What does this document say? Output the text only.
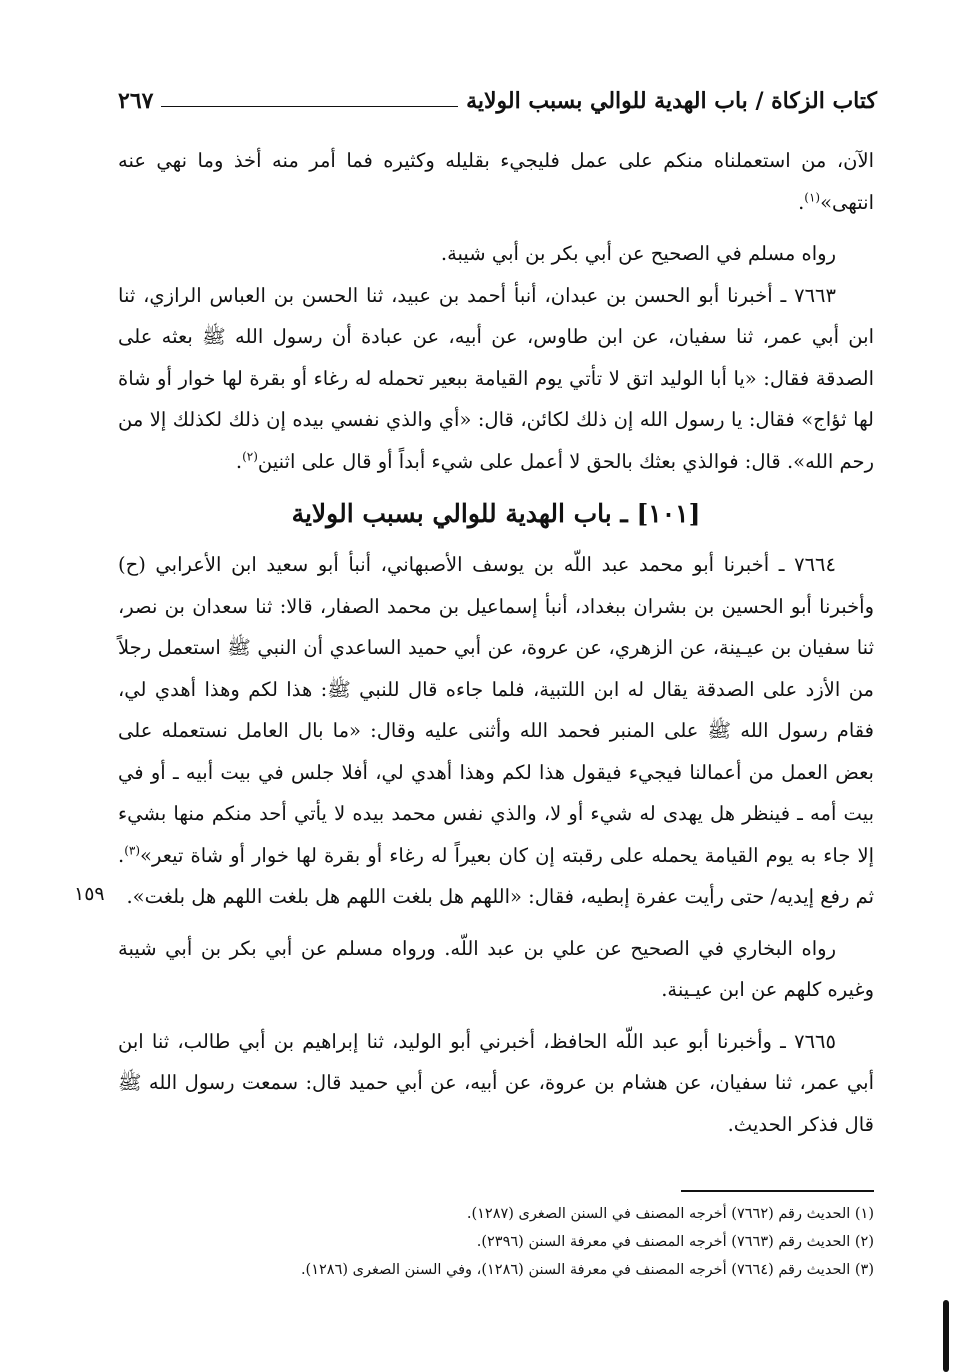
كتاب الزكاة / باب الهدية للوالي بسبب الولاية
٢٦٧

الآن، من استعملناه منكم على عمل فليجيء بقليله وكثيره فما أمر منه أخذ وما نهي عنه انتهى»$^{(١)}$.

رواه مسلم في الصحيح عن أبي بكر بن أبي شيبة.

٧٦٦٣ ـ أخبرنا أبو الحسن بن عبدان، أنبأ أحمد بن عبيد، ثنا الحسن بن العباس الرازي، ثنا ابن أبي عمر، ثنا سفيان، عن ابن طاوس، عن أبيه، عن عبادة أن رسول الله ﷺ بعثه على الصدقة فقال: «يا أبا الوليد اتق لا تأتي يوم القيامة ببعير تحمله له رغاء أو بقرة لها خوار أو شاة لها ثؤاج» فقال: يا رسول الله إن ذلك لكائن، قال: «أي والذي نفسي بيده إن ذلك لكذلك إلا من رحم الله». قال: فوالذي بعثك بالحق لا أعمل على شيء أبداً أو قال على اثنين$^{(٢)}$.

[١٠١] ـ باب الهدية للوالي بسبب الولاية

٧٦٦٤ ـ أخبرنا أبو محمد عبد اللّه بن يوسف الأصبهاني، أنبأ أبو سعيد ابن الأعرابي (ح) وأخبرنا أبو الحسين بن بشران ببغداد، أنبأ إسماعيل بن محمد الصفار، قالا: ثنا سعدان بن نصر، ثنا سفيان بن عيـينة، عن الزهري، عن عروة، عن أبي حميد الساعدي أن النبي ﷺ استعمل رجلاً من الأزد على الصدقة يقال له ابن اللتبية، فلما جاءه قال للنبي ﷺ: هذا لكم وهذا أهدي لي، فقام رسول الله ﷺ على المنبر فحمد الله وأثنى عليه وقال: «ما بال العامل نستعمله على بعض العمل من أعمالنا فيجيء فيقول هذا لكم وهذا أهدي لي، أفلا جلس في بيت أبيه ـ أو في بيت أمه ـ فينظر هل يهدى له شيء أو لا، والذي نفس محمد بيده لا يأتي أحد منكم منها بشيء إلا جاء به يوم القيامة يحمله على رقبته إن كان بعيراً له رغاء أو بقرة لها خوار أو شاة تيعر»$^{(٣)}$. ثم رفع إيديه/ حتى رأيت عفرة إبطيه، فقال: «اللهم هل بلغت اللهم هل بلغت اللهم هل بلغت».

رواه البخاري في الصحيح عن علي بن عبد اللّه. ورواه مسلم عن أبي بكر بن أبي شيبة وغيره كلهم عن ابن عيـينة.

٧٦٦٥ ـ وأخبرنا أبو عبد اللّه الحافظ، أخبرني أبو الوليد، ثنا إبراهيم بن أبي طالب، ثنا ابن أبي عمر، ثنا سفيان، عن هشام بن عروة، عن أبيه، عن أبي حميد قال: سمعت رسول الله ﷺ قال فذكر الحديث.

١٥٩

(١) الحديث رقم (٧٦٦٢) أخرجه المصنف في السنن الصغرى (١٢٨٧).

(٢) الحديث رقم (٧٦٦٣) أخرجه المصنف في معرفة السنن (٢٣٩٦).

(٣) الحديث رقم (٧٦٦٤) أخرجه المصنف في معرفة السنن (١٢٨٦)، وفي السنن الصغرى (١٢٨٦).
